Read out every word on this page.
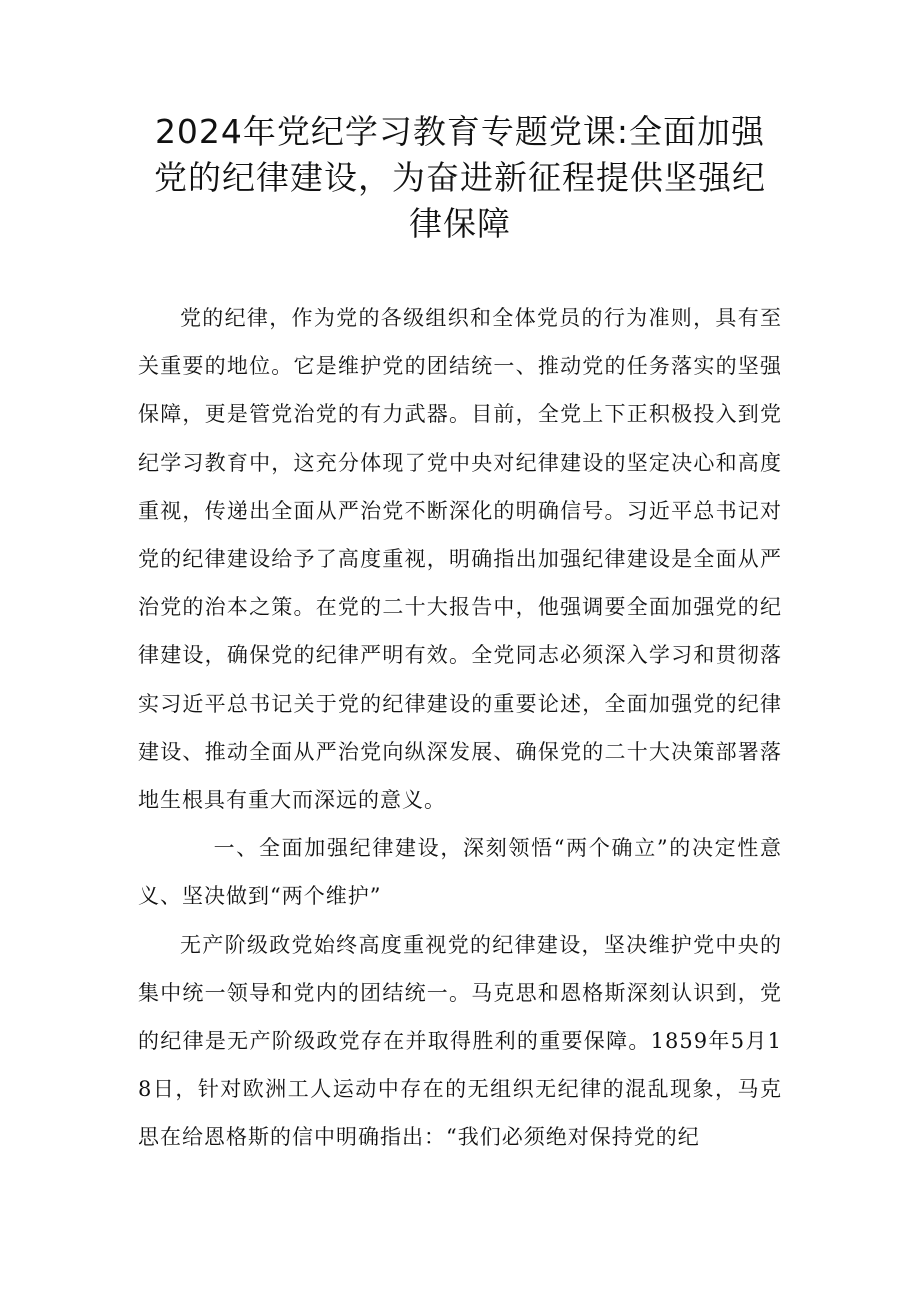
2024年党纪学习教育专题党课:全面加强党的纪律建设，为奋进新征程提供坚强纪律保障

党的纪律，作为党的各级组织和全体党员的行为准则，具有至关重要的地位。它是维护党的团结统一、推动党的任务落实的坚强保障，更是管党治党的有力武器。目前，全党上下正积极投入到党纪学习教育中，这充分体现了党中央对纪律建设的坚定决心和高度重视，传递出全面从严治党不断深化的明确信号。习近平总书记对党的纪律建设给予了高度重视，明确指出加强纪律建设是全面从严治党的治本之策。在党的二十大报告中，他强调要全面加强党的纪律建设，确保党的纪律严明有效。全党同志必须深入学习和贯彻落实习近平总书记关于党的纪律建设的重要论述，全面加强党的纪律建设、推动全面从严治党向纵深发展、确保党的二十大决策部署落地生根具有重大而深远的意义。

一、全面加强纪律建设，深刻领悟“两个确立”的决定性意义、坚决做到“两个维护”

无产阶级政党始终高度重视党的纪律建设，坚决维护党中央的集中统一领导和党内的团结统一。马克思和恩格斯深刻认识到，党的纪律是无产阶级政党存在并取得胜利的重要保障。1859年5月18日，针对欧洲工人运动中存在的无组织无纪律的混乱现象，马克思在给恩格斯的信中明确指出：“我们必须绝对保持党的纪
